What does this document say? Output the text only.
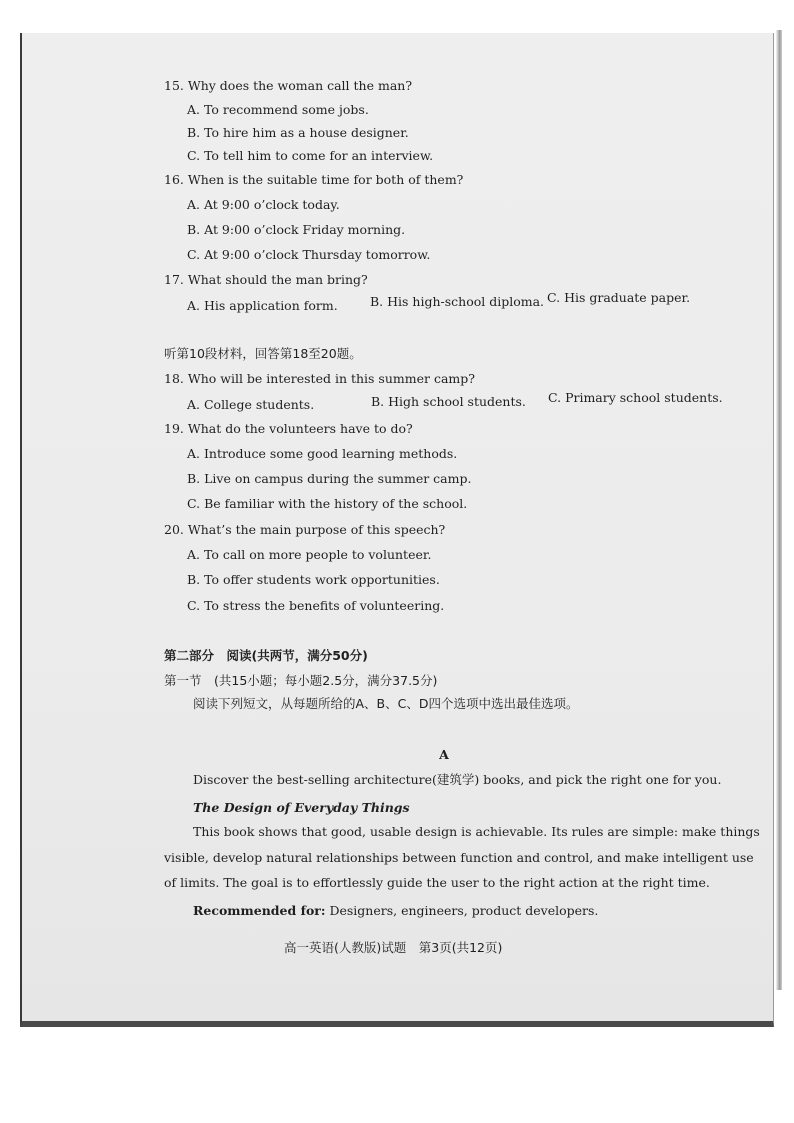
15. Why does the woman call the man?
A. To recommend some jobs.
B. To hire him as a house designer.
C. To tell him to come for an interview.
16. When is the suitable time for both of them?
A. At 9:00 o’clock today.
B. At 9:00 o’clock Friday morning.
C. At 9:00 o’clock Thursday tomorrow.
17. What should the man bring?
A. His application form.	B. His high-school diploma. C. His graduate paper.
听第10段材料，回答第18至20题。
18. Who will be interested in this summer camp?
A. College students.	B. High school students. C. Primary school students.
19. What do the volunteers have to do?
A. Introduce some good learning methods.
B. Live on campus during the summer camp.
C. Be familiar with the history of the school.
20. What’s the main purpose of this speech?
A. To call on more people to volunteer.
B. To offer students work opportunities.
C. To stress the benefits of volunteering.
第二部分　阅读(共两节，满分50分)
第一节　(共15小题；每小题2.5分，满分37.5分)
阅读下列短文，从每题所给的A、B、C、D四个选项中选出最佳选项。
A
Discover the best-selling architecture(建筑学) books, and pick the right one for you.
The Design of Everyday Things
This book shows that good, usable design is achievable. Its rules are simple: make things
visible, develop natural relationships between function and control, and make intelligent use
of limits. The goal is to effortlessly guide the user to the right action at the right time.
Recommended for: Designers, engineers, product developers.
高一英语(人教版)试题　第3页(共12页)
